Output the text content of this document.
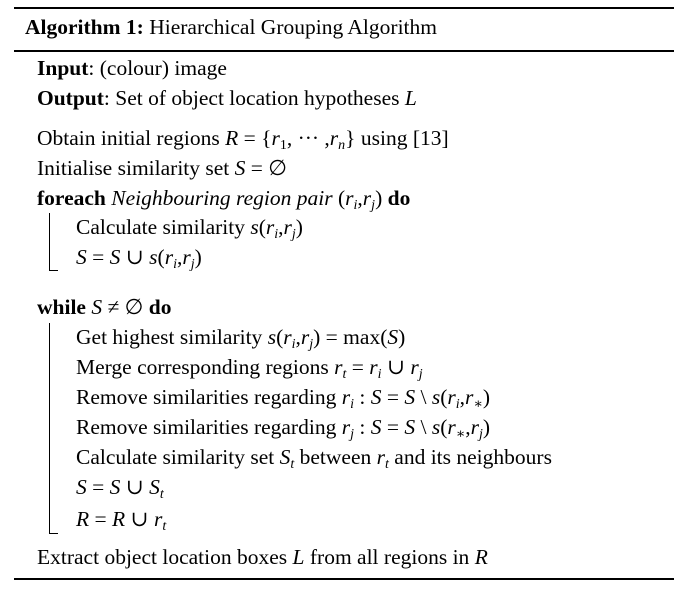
Algorithm 1: Hierarchical Grouping Algorithm
Input: (colour) image
Output: Set of object location hypotheses L
Obtain initial regions $R = \{r_1$, ··· $,r_n$} using [13]
Initialise similarity set S = ∅
foreach Neighbouring region pair $(r_i,r_j)$ do
Calculate similarity $s(r_i,r_j)$
S = S ∪ $s(r_i,r_j)$
while S ≠ ∅ do
Get highest similarity $s(r_i,r_j) = \max(S)$
Merge corresponding regions $r_t = r_i$ ∪ $r_j$
Remove similarities regarding $r_i$ : S = S \ $s(r_i,r_∗)$
Remove similarities regarding $r_j$ : S = S \ $s(r_∗,r_j)$
Calculate similarity set $S_t$ between $r_t$ and its neighbours
S = S ∪ $S_t$
R = R ∪ $r_t$
Extract object location boxes L from all regions in R
